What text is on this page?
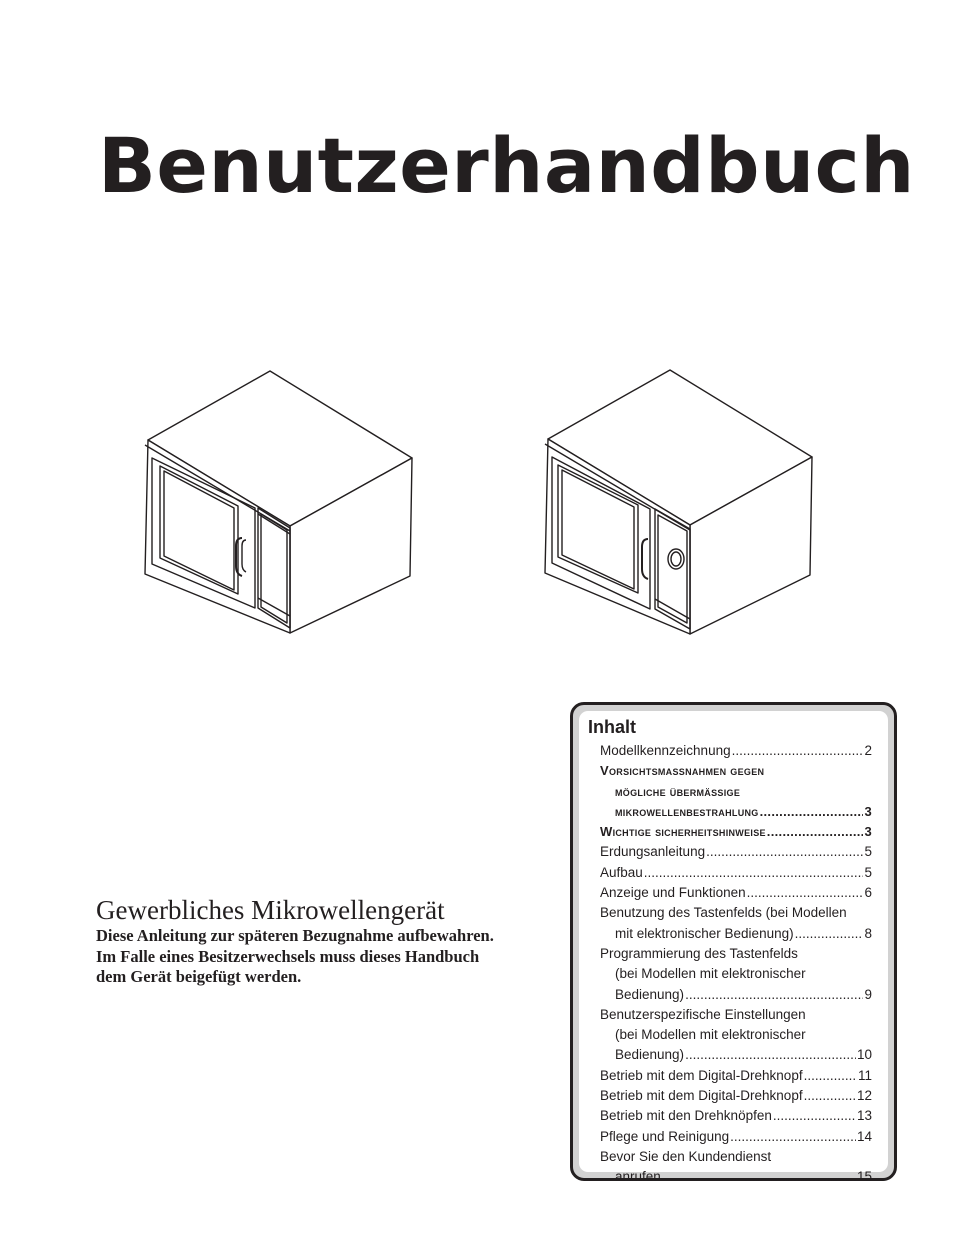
Benutzerhandbuch
Gewerbliches Mikrowellengerät
Diese Anleitung zur späteren Bezugnahme aufbewahren.
Im Falle eines Besitzerwechsels muss dieses Handbuch
dem Gerät beigefügt werden.
Inhalt
Modellkennzeichnung .....	2
Vorsichtsmassnahmen gegen
mögliche übermässige
mikrowellenbestrahlung .....	3
Wichtige sicherheitshinweise .....	3
Erdungsanleitung .....	5
Aufbau .....	5
Anzeige und Funktionen .....	6
Benutzung des Tastenfelds (bei Modellen
mit elektronischer Bedienung) .....	8
Programmierung des Tastenfelds
(bei Modellen mit elektronischer
Bedienung) .....	9
Benutzerspezifische Einstellungen
(bei Modellen mit elektronischer
Bedienung) .....	10
Betrieb mit dem Digital-Drehknopf .....	11
Betrieb mit dem Digital-Drehknopf .....	12
Betrieb mit den Drehknöpfen .....	13
Pflege und Reinigung .....	14
Bevor Sie den Kundendienst
anrufen .....	15
